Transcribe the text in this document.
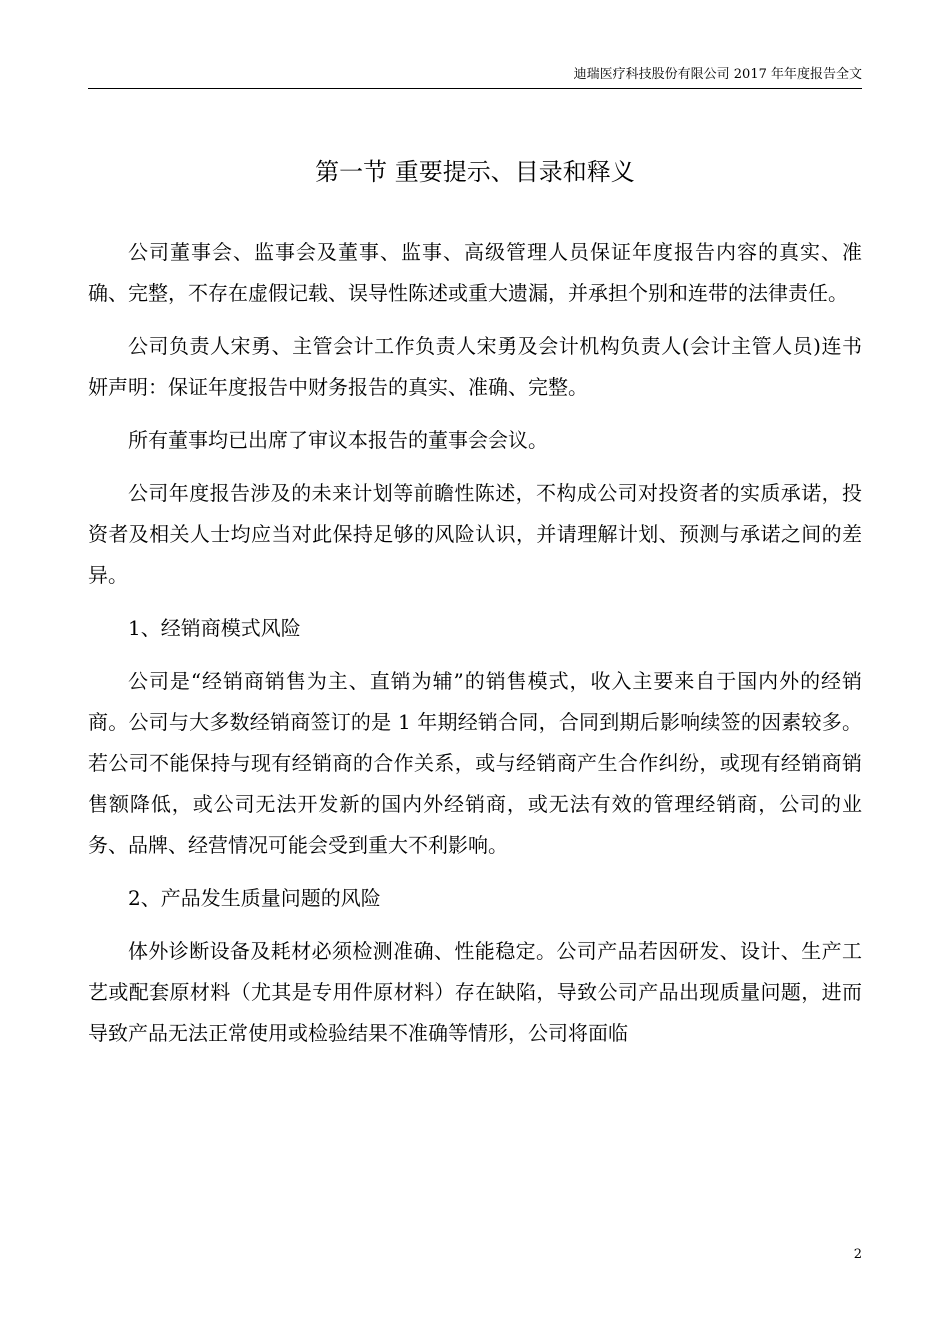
迪瑞医疗科技股份有限公司 2017 年年度报告全文
第一节 重要提示、目录和释义

公司董事会、监事会及董事、监事、高级管理人员保证年度报告内容的真实、准确、完整，不存在虚假记载、误导性陈述或重大遗漏，并承担个别和连带的法律责任。

公司负责人宋勇、主管会计工作负责人宋勇及会计机构负责人(会计主管人员)连书妍声明：保证年度报告中财务报告的真实、准确、完整。

所有董事均已出席了审议本报告的董事会会议。

公司年度报告涉及的未来计划等前瞻性陈述，不构成公司对投资者的实质承诺，投资者及相关人士均应当对此保持足够的风险认识，并请理解计划、预测与承诺之间的差异。

1、经销商模式风险

公司是“经销商销售为主、直销为辅”的销售模式，收入主要来自于国内外的经销商。公司与大多数经销商签订的是 1 年期经销合同，合同到期后影响续签的因素较多。若公司不能保持与现有经销商的合作关系，或与经销商产生合作纠纷，或现有经销商销售额降低，或公司无法开发新的国内外经销商，或无法有效的管理经销商，公司的业务、品牌、经营情况可能会受到重大不利影响。

2、产品发生质量问题的风险

体外诊断设备及耗材必须检测准确、性能稳定。公司产品若因研发、设计、生产工艺或配套原材料（尤其是专用件原材料）存在缺陷，导致公司产品出现质量问题，进而导致产品无法正常使用或检验结果不准确等情形，公司将面临

2
